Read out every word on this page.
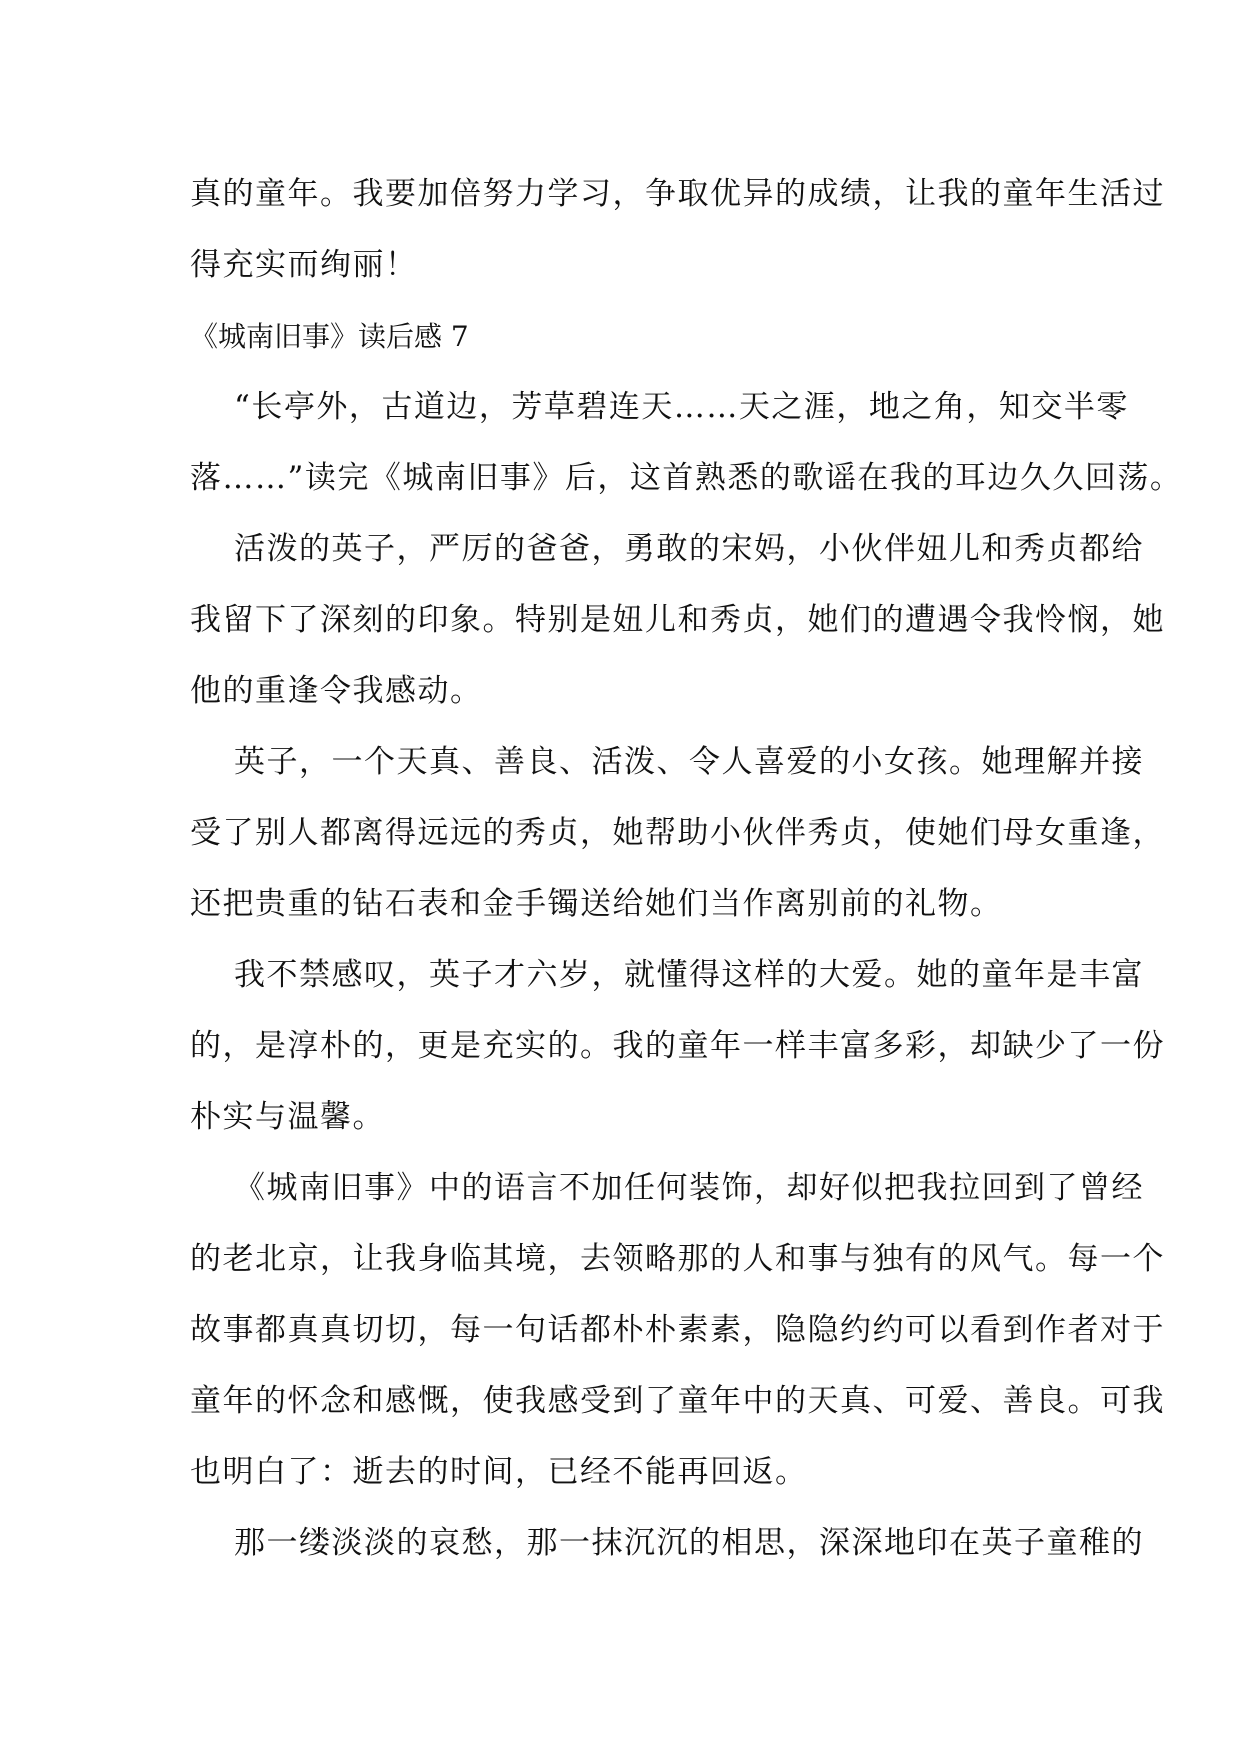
真的童年。我要加倍努力学习，争取优异的成绩，让我的童年生活过
得充实而绚丽！

《城南旧事》读后感 7

“长亭外，古道边，芳草碧连天……天之涯，地之角，知交半零
落……”读完《城南旧事》后，这首熟悉的歌谣在我的耳边久久回荡。

活泼的英子，严厉的爸爸，勇敢的宋妈，小伙伴妞儿和秀贞都给
我留下了深刻的印象。特别是妞儿和秀贞，她们的遭遇令我怜悯，她
他的重逢令我感动。

英子，一个天真、善良、活泼、令人喜爱的小女孩。她理解并接
受了别人都离得远远的秀贞，她帮助小伙伴秀贞，使她们母女重逢，
还把贵重的钻石表和金手镯送给她们当作离别前的礼物。

我不禁感叹，英子才六岁，就懂得这样的大爱。她的童年是丰富
的，是淳朴的，更是充实的。我的童年一样丰富多彩，却缺少了一份
朴实与温馨。

《城南旧事》中的语言不加任何装饰，却好似把我拉回到了曾经
的老北京，让我身临其境，去领略那的人和事与独有的风气。每一个
故事都真真切切，每一句话都朴朴素素，隐隐约约可以看到作者对于
童年的怀念和感慨，使我感受到了童年中的天真、可爱、善良。可我
也明白了：逝去的时间，已经不能再回返。

那一缕淡淡的哀愁，那一抹沉沉的相思，深深地印在英子童稚的
